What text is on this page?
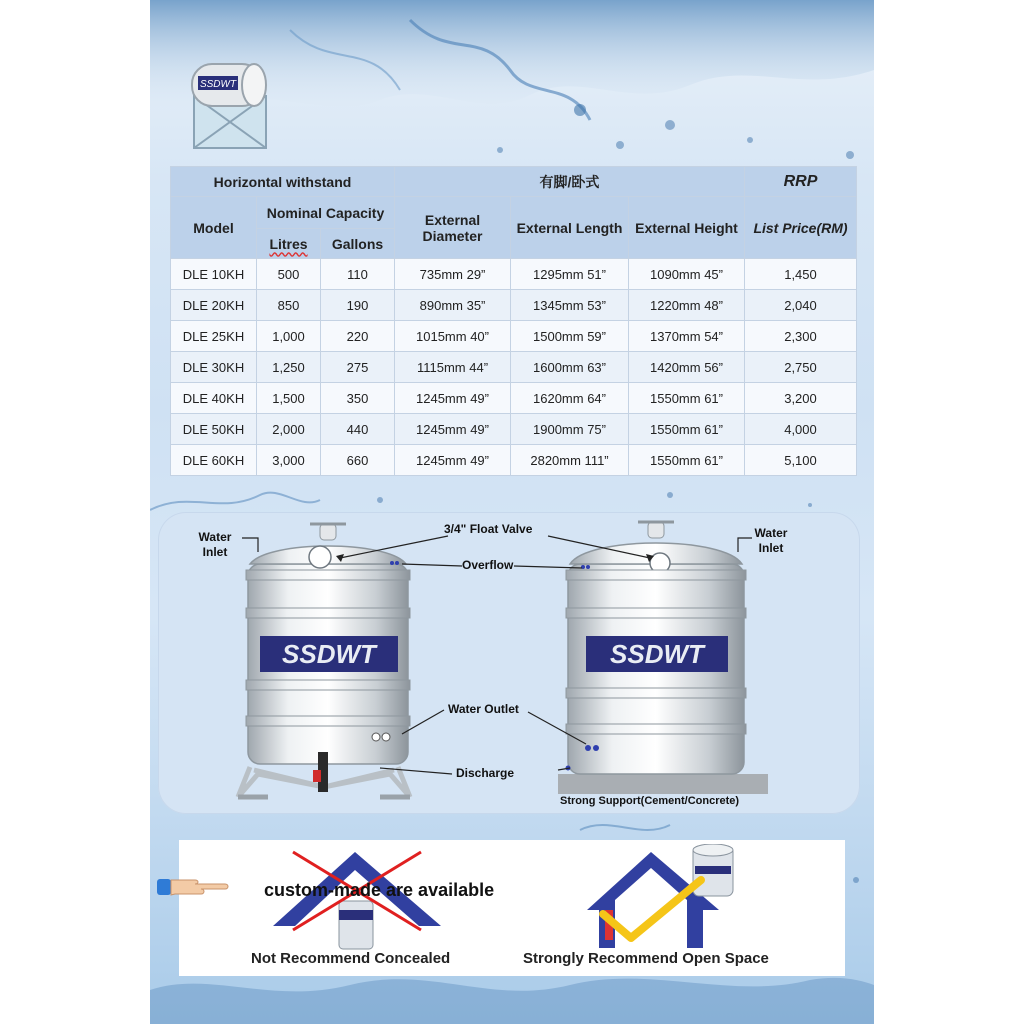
SSDWT
Horizontal withstand			有脚/卧式			RRP
Model	Nominal Capacity		External Diameter	External Length	External Height	List Price(RM)
	Litres	Gallons				
DLE 10KH	500	110	735mm 29”	1295mm 51”	1090mm 45”	1,450
DLE 20KH	850	190	890mm 35”	1345mm 53”	1220mm 48”	2,040
DLE 25KH	1,000	220	1015mm 40”	1500mm 59”	1370mm 54”	2,300
DLE 30KH	1,250	275	1115mm 44”	1600mm 63”	1420mm 56”	2,750
DLE 40KH	1,500	350	1245mm 49”	1620mm 64”	1550mm 61”	3,200
DLE 50KH	2,000	440	1245mm 49”	1900mm 75”	1550mm 61”	4,000
DLE 60KH	3,000	660	1245mm 49”	2820mm 111”	1550mm 61”	5,100
SSDWT	SSDWT
Water Inlet
3/4" Float Valve	Water Inlet
Overflow
Water Outlet
Discharge
Strong Support(Cement/Concrete)
custom-made are available
Not Recommend Concealed	Strongly Recommend Open Space
